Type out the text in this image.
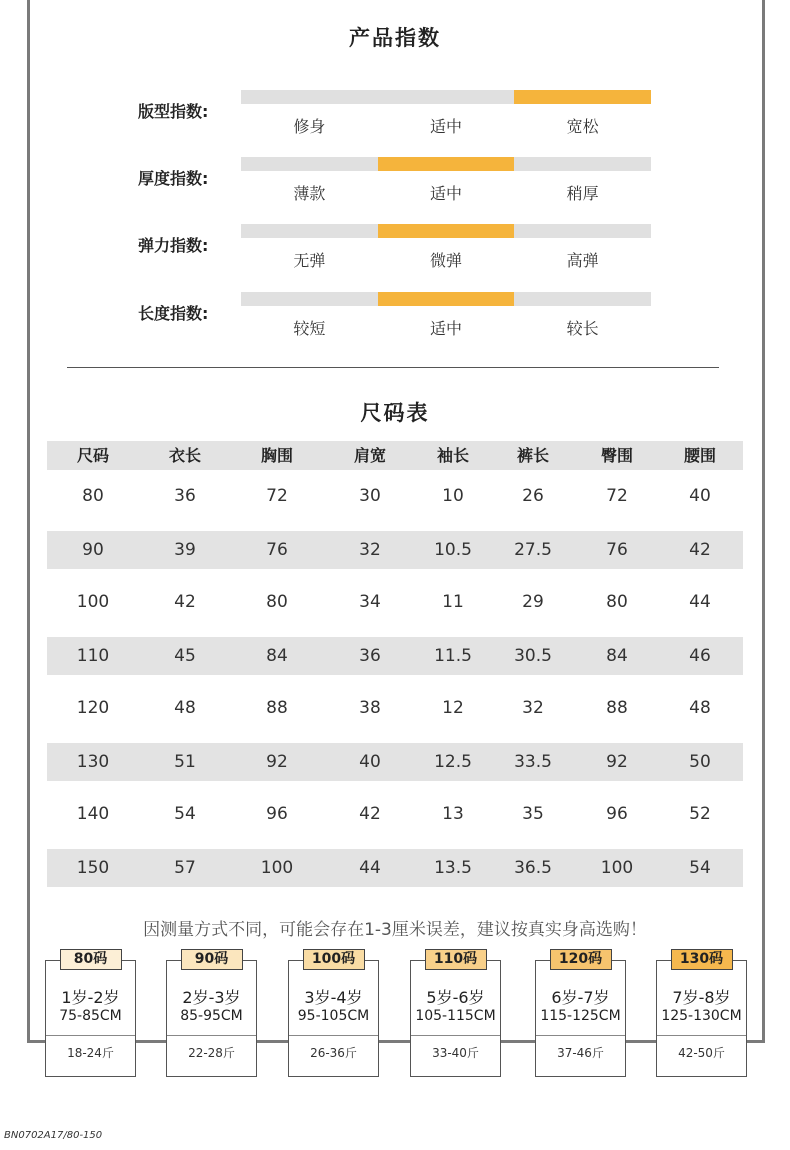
产品指数
版型指数:
修身	适中	宽松
厚度指数:
薄款	适中	稍厚
弹力指数:
无弹	微弹	高弹
长度指数:
较短	适中	较长
尺码表
尺码	衣长	胸围	肩宽	袖长	裤长	臀围	腰围
80	36	72	30	10	26	72	40
90	39	76	32	10.5	27.5	76	42
100	42	80	34	11	29	80	44
110	45	84	36	11.5	30.5	84	46
120	48	88	38	12	32	88	48
130	51	92	40	12.5	33.5	92	50
140	54	96	42	13	35	96	52
150	57	100	44	13.5	36.5	100	54
因测量方式不同，可能会存在1-3厘米误差，建议按真实身高选购！
80码
1岁-2岁
75-85CM
18-24斤
90码
2岁-3岁
85-95CM
22-28斤
100码
3岁-4岁
95-105CM
26-36斤
110码
5岁-6岁
105-115CM
33-40斤
120码
6岁-7岁
115-125CM
37-46斤
130码
7岁-8岁
125-130CM
42-50斤
BN0702A17/80-150
